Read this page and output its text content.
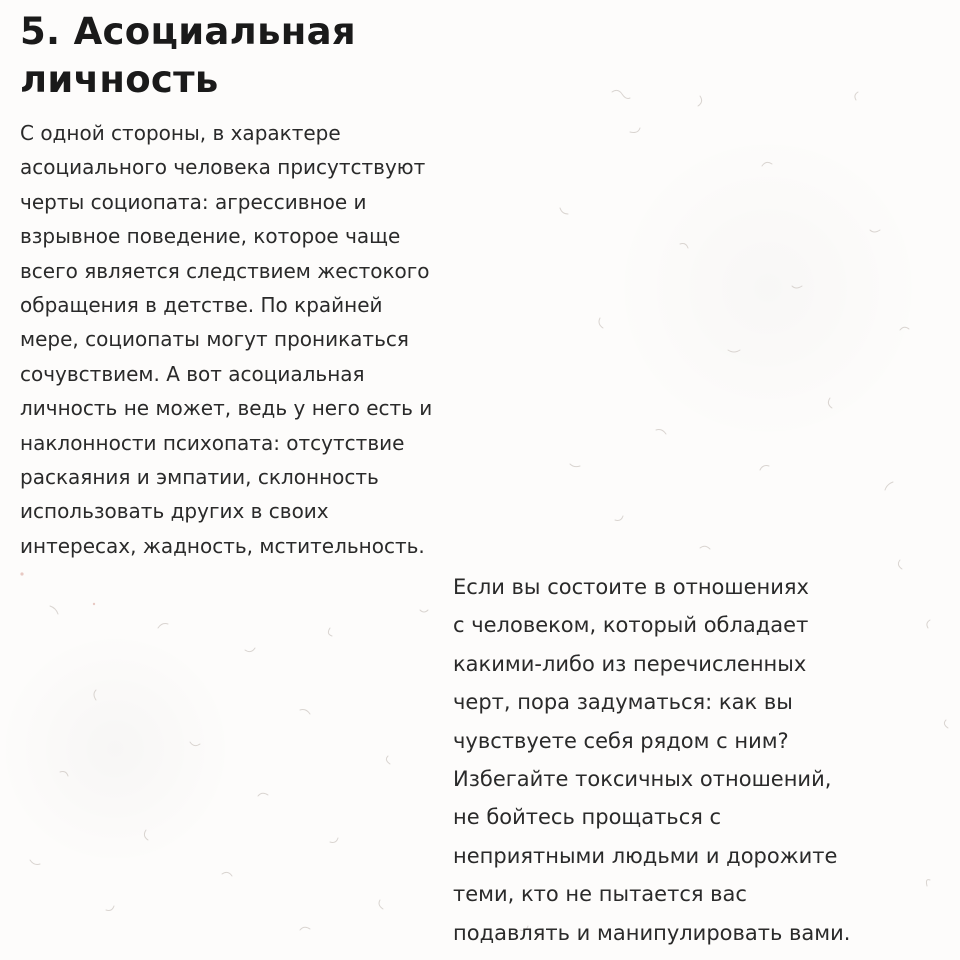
5. Асоциальная
личность

С одной стороны, в характере
асоциального человека присутствуют
черты социопата: агрессивное и
взрывное поведение, которое чаще
всего является следствием жестокого
обращения в детстве. По крайней
мере, социопаты могут проникаться
сочувствием. А вот асоциальная
личность не может, ведь у него есть и
наклонности психопата: отсутствие
раскаяния и эмпатии, склонность
использовать других в своих
интересах, жадность, мстительность.

Если вы состоите в отношениях
с человеком, который обладает
какими-либо из перечисленных
черт, пора задуматься: как вы
чувствуете себя рядом с ним?
Избегайте токсичных отношений,
не бойтесь прощаться с
неприятными людьми и дорожите
теми, кто не пытается вас
подавлять и манипулировать вами.
